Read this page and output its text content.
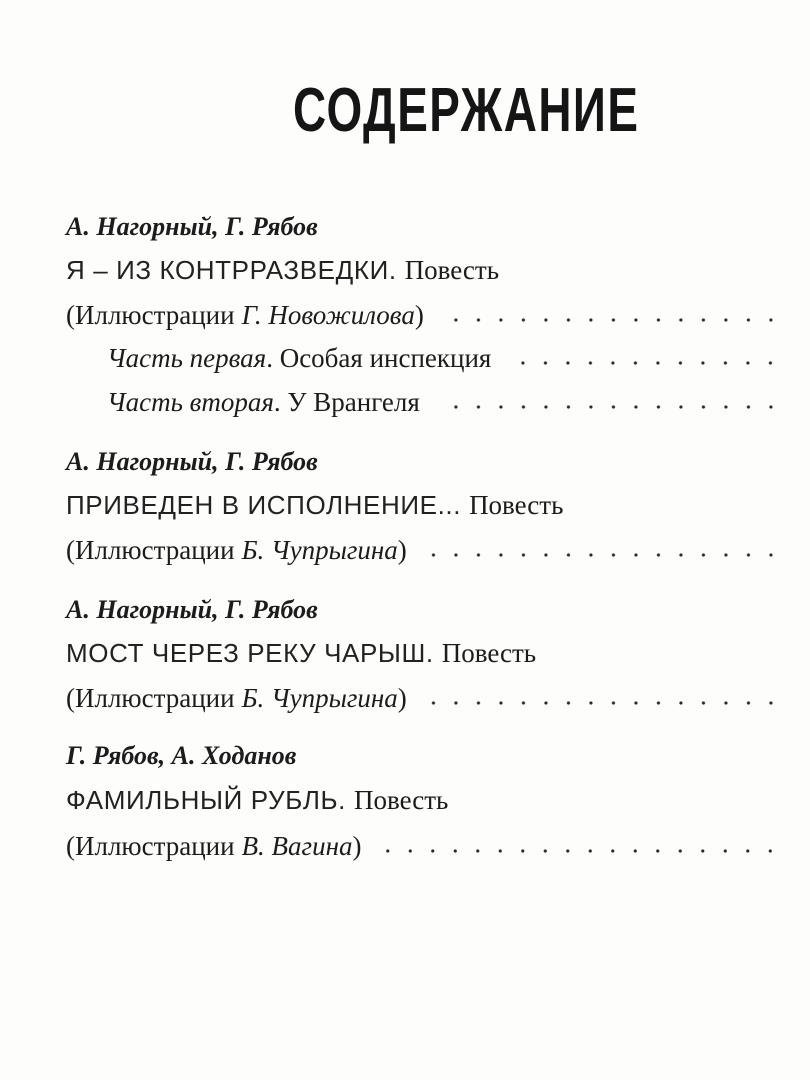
СОДЕРЖАНИЕ
А. Нагорный, Г. Рябов
Я – ИЗ КОНТРРАЗВЕДКИ. Повесть
(Иллюстрации Г. Новожилова )
Часть первая . Особая инспекция
Часть вторая . У Врангеля
А. Нагорный, Г. Рябов
ПРИВЕДЕН В ИСПОЛНЕНИЕ... Повесть
(Иллюстрации Б. Чупрыгина )
А. Нагорный, Г. Рябов
МОСТ ЧЕРЕЗ РЕКУ ЧАРЫШ. Повесть
(Иллюстрации Б. Чупрыгина )
Г. Рябов, А. Ходанов
ФАМИЛЬНЫЙ РУБЛЬ. Повесть
(Иллюстрации В. Вагина )
